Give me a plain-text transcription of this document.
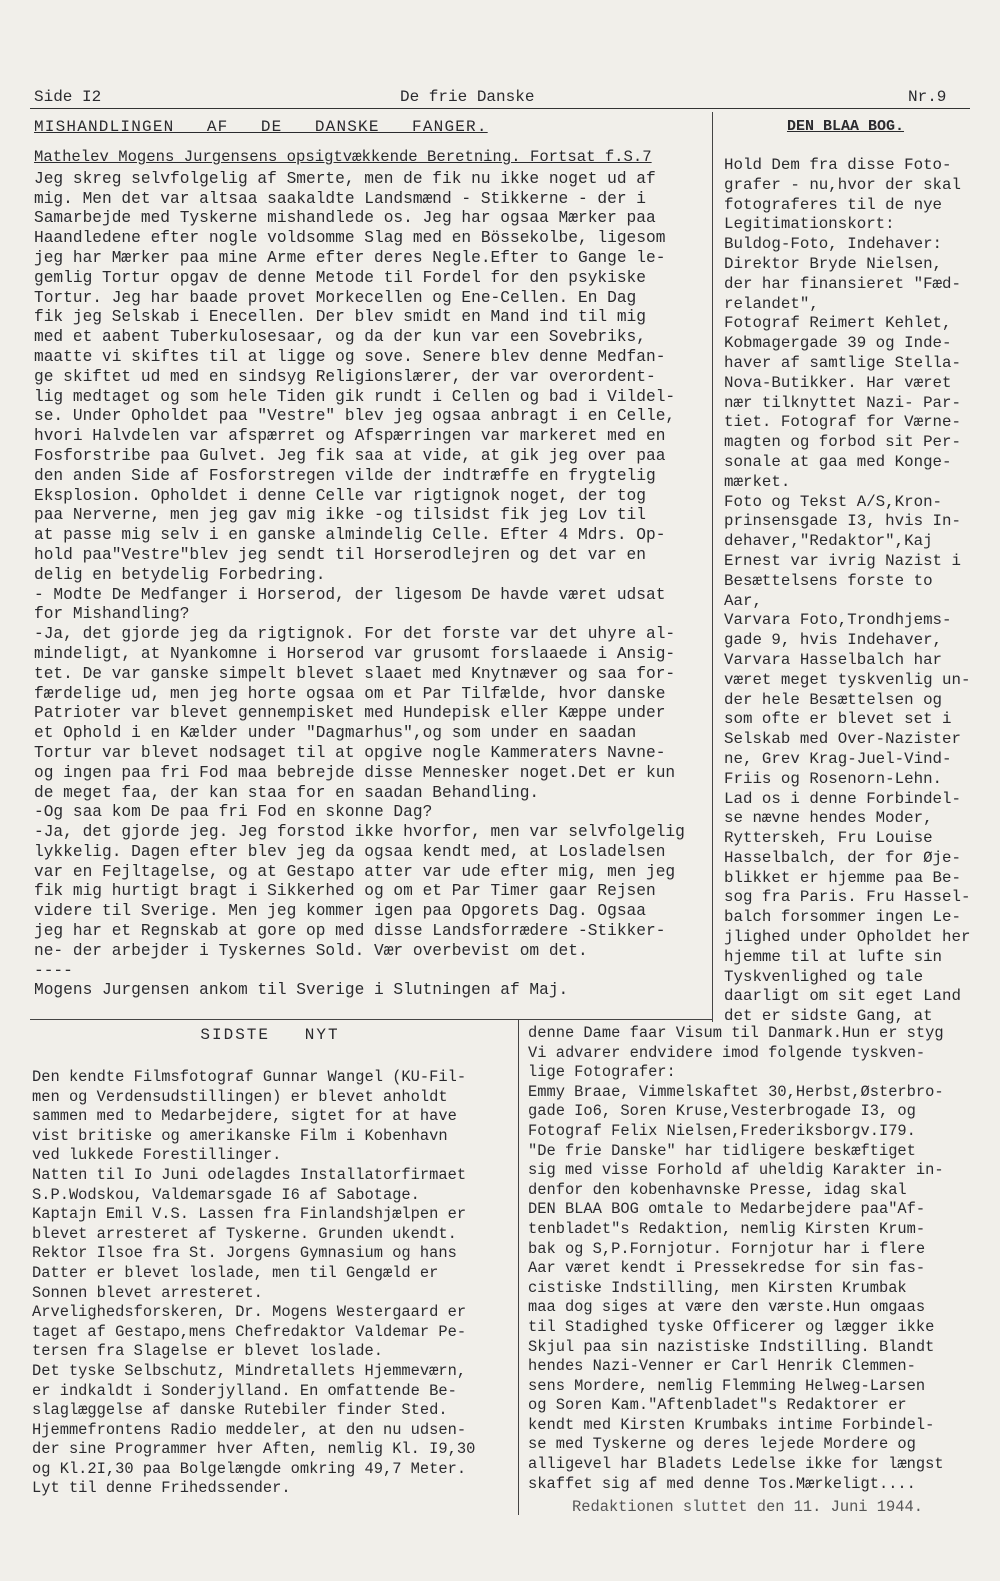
Side I2	De frie Danske	Nr.9
MISHANDLINGEN   AF   DE   DANSKE   FANGER.
Mathelev Mogens Jurgensens opsigtvækkende Beretning. Fortsat f.S.7
Jeg skreg selvfolgelig af Smerte, men de fik nu ikke noget ud af
mig. Men det var altsaa saakaldte Landsmænd - Stikkerne - der i
Samarbejde med Tyskerne mishandlede os. Jeg har ogsaa Mærker paa
Haandledene efter nogle voldsomme Slag med en Bössekolbe, ligesom
jeg har Mærker paa mine Arme efter deres Negle.Efter to Gange le-
gemlig Tortur opgav de denne Metode til Fordel for den psykiske
Tortur. Jeg har baade provet Morkecellen og Ene-Cellen. En Dag
fik jeg Selskab i Enecellen. Der blev smidt en Mand ind til mig
med et aabent Tuberkulosesaar, og da der kun var een Sovebriks,
maatte vi skiftes til at ligge og sove. Senere blev denne Medfan-
ge skiftet ud med en sindsyg Religionslærer, der var overordent-
lig medtaget og som hele Tiden gik rundt i Cellen og bad i Vildel-
se. Under Opholdet paa "Vestre" blev jeg ogsaa anbragt i en Celle,
hvori Halvdelen var afspærret og Afspærringen var markeret med en
Fosforstribe paa Gulvet. Jeg fik saa at vide, at gik jeg over paa
den anden Side af Fosforstregen vilde der indtræffe en frygtelig
Eksplosion. Opholdet i denne Celle var rigtignok noget, der tog
paa Nerverne, men jeg gav mig ikke -og tilsidst fik jeg Lov til
at passe mig selv i en ganske almindelig Celle. Efter 4 Mdrs. Op-
hold paa"Vestre"blev jeg sendt til Horserodlejren og det var en
delig en betydelig Forbedring.
- Modte De Medfanger i Horserod, der ligesom De havde været udsat
for Mishandling?
-Ja, det gjorde jeg da rigtignok. For det forste var det uhyre al-
mindeligt, at Nyankomne i Horserod var grusomt forslaaede i Ansig-
tet. De var ganske simpelt blevet slaaet med Knytnæver og saa for-
færdelige ud, men jeg horte ogsaa om et Par Tilfælde, hvor danske
Patrioter var blevet gennempisket med Hundepisk eller Kæppe under
et Ophold i en Kælder under "Dagmarhus",og som under en saadan
Tortur var blevet nodsaget til at opgive nogle Kammeraters Navne-
og ingen paa fri Fod maa bebrejde disse Mennesker noget.Det er kun
de meget faa, der kan staa for en saadan Behandling.
-Og saa kom De paa fri Fod en skonne Dag?
-Ja, det gjorde jeg. Jeg forstod ikke hvorfor, men var selvfolgelig
lykkelig. Dagen efter blev jeg da ogsaa kendt med, at Losladelsen
var en Fejltagelse, og at Gestapo atter var ude efter mig, men jeg
fik mig hurtigt bragt i Sikkerhed og om et Par Timer gaar Rejsen
videre til Sverige. Men jeg kommer igen paa Opgorets Dag. Ogsaa
jeg har et Regnskab at gore op med disse Landsforrædere -Stikker-
ne- der arbejder i Tyskernes Sold. Vær overbevist om det.
----
Mogens Jurgensen ankom til Sverige i Slutningen af Maj.
DEN BLAA BOG.
Hold Dem fra disse Foto-
grafer - nu,hvor der skal
fotograferes til de nye
Legitimationskort:
Buldog-Foto, Indehaver:
Direktor Bryde Nielsen,
der har finansieret "Fæd-
relandet",
Fotograf Reimert Kehlet,
Kobmagergade 39 og Inde-
haver af samtlige Stella-
Nova-Butikker. Har været
nær tilknyttet Nazi- Par-
tiet. Fotograf for Værne-
magten og forbod sit Per-
sonale at gaa med Konge-
mærket.
Foto og Tekst A/S,Kron-
prinsensgade I3, hvis In-
dehaver,"Redaktor",Kaj
Ernest var ivrig Nazist i
Besættelsens forste to
Aar,
Varvara Foto,Trondhjems-
gade 9, hvis Indehaver,
Varvara Hasselbalch har
været meget tyskvenlig un-
der hele Besættelsen og
som ofte er blevet set i
Selskab med Over-Nazister
ne, Grev Krag-Juel-Vind-
Friis og Rosenorn-Lehn.
Lad os i denne Forbindel-
se nævne hendes Moder,
Rytterskeh, Fru Louise
Hasselbalch, der for Øje-
blikket er hjemme paa Be-
sog fra Paris. Fru Hassel-
balch forsommer ingen Le-
jlighed under Opholdet her
hjemme til at lufte sin
Tyskvenlighed og tale
daarligt om sit eget Land
det er sidste Gang, at
SIDSTE   NYT
Den kendte Filmsfotograf Gunnar Wangel (KU-Fil-
men og Verdensudstillingen) er blevet anholdt
sammen med to Medarbejdere, sigtet for at have
vist britiske og amerikanske Film i Kobenhavn
ved lukkede Forestillinger.
Natten til Io Juni odelagdes Installatorfirmaet
S.P.Wodskou, Valdemarsgade I6 af Sabotage.
Kaptajn Emil V.S. Lassen fra Finlandshjælpen er
blevet arresteret af Tyskerne. Grunden ukendt.
Rektor Ilsoe fra St. Jorgens Gymnasium og hans
Datter er blevet loslade, men til Gengæld er
Sonnen blevet arresteret.
Arvelighedsforskeren, Dr. Mogens Westergaard er
taget af Gestapo,mens Chefredaktor Valdemar Pe-
tersen fra Slagelse er blevet loslade.
Det tyske Selbschutz, Mindretallets Hjemmeværn,
er indkaldt i Sonderjylland. En omfattende Be-
slaglæggelse af danske Rutebiler finder Sted.
Hjemmefrontens Radio meddeler, at den nu udsen-
der sine Programmer hver Aften, nemlig Kl. I9,30
og Kl.2I,30 paa Bolgelængde omkring 49,7 Meter.
Lyt til denne Frihedssender.
denne Dame faar Visum til Danmark.Hun er styg
Vi advarer endvidere imod folgende tyskven-
lige Fotografer:
Emmy Braae, Vimmelskaftet 30,Herbst,Østerbro-
gade Io6, Soren Kruse,Vesterbrogade I3, og
Fotograf Felix Nielsen,Frederiksborgv.I79.
"De frie Danske" har tidligere beskæftiget
sig med visse Forhold af uheldig Karakter in-
denfor den kobenhavnske Presse, idag skal
DEN BLAA BOG omtale to Medarbejdere paa"Af-
tenbladet"s Redaktion, nemlig Kirsten Krum-
bak og S,P.Fornjotur. Fornjotur har i flere
Aar været kendt i Pressekredse for sin fas-
cistiske Indstilling, men Kirsten Krumbak
maa dog siges at være den værste.Hun omgaas
til Stadighed tyske Officerer og lægger ikke
Skjul paa sin nazistiske Indstilling. Blandt
hendes Nazi-Venner er Carl Henrik Clemmen-
sens Mordere, nemlig Flemming Helweg-Larsen
og Soren Kam."Aftenbladet"s Redaktorer er
kendt med Kirsten Krumbaks intime Forbindel-
se med Tyskerne og deres lejede Mordere og
alligevel har Bladets Ledelse ikke for længst
skaffet sig af med denne Tos.Mærkeligt....
Redaktionen sluttet den 11. Juni 1944.
